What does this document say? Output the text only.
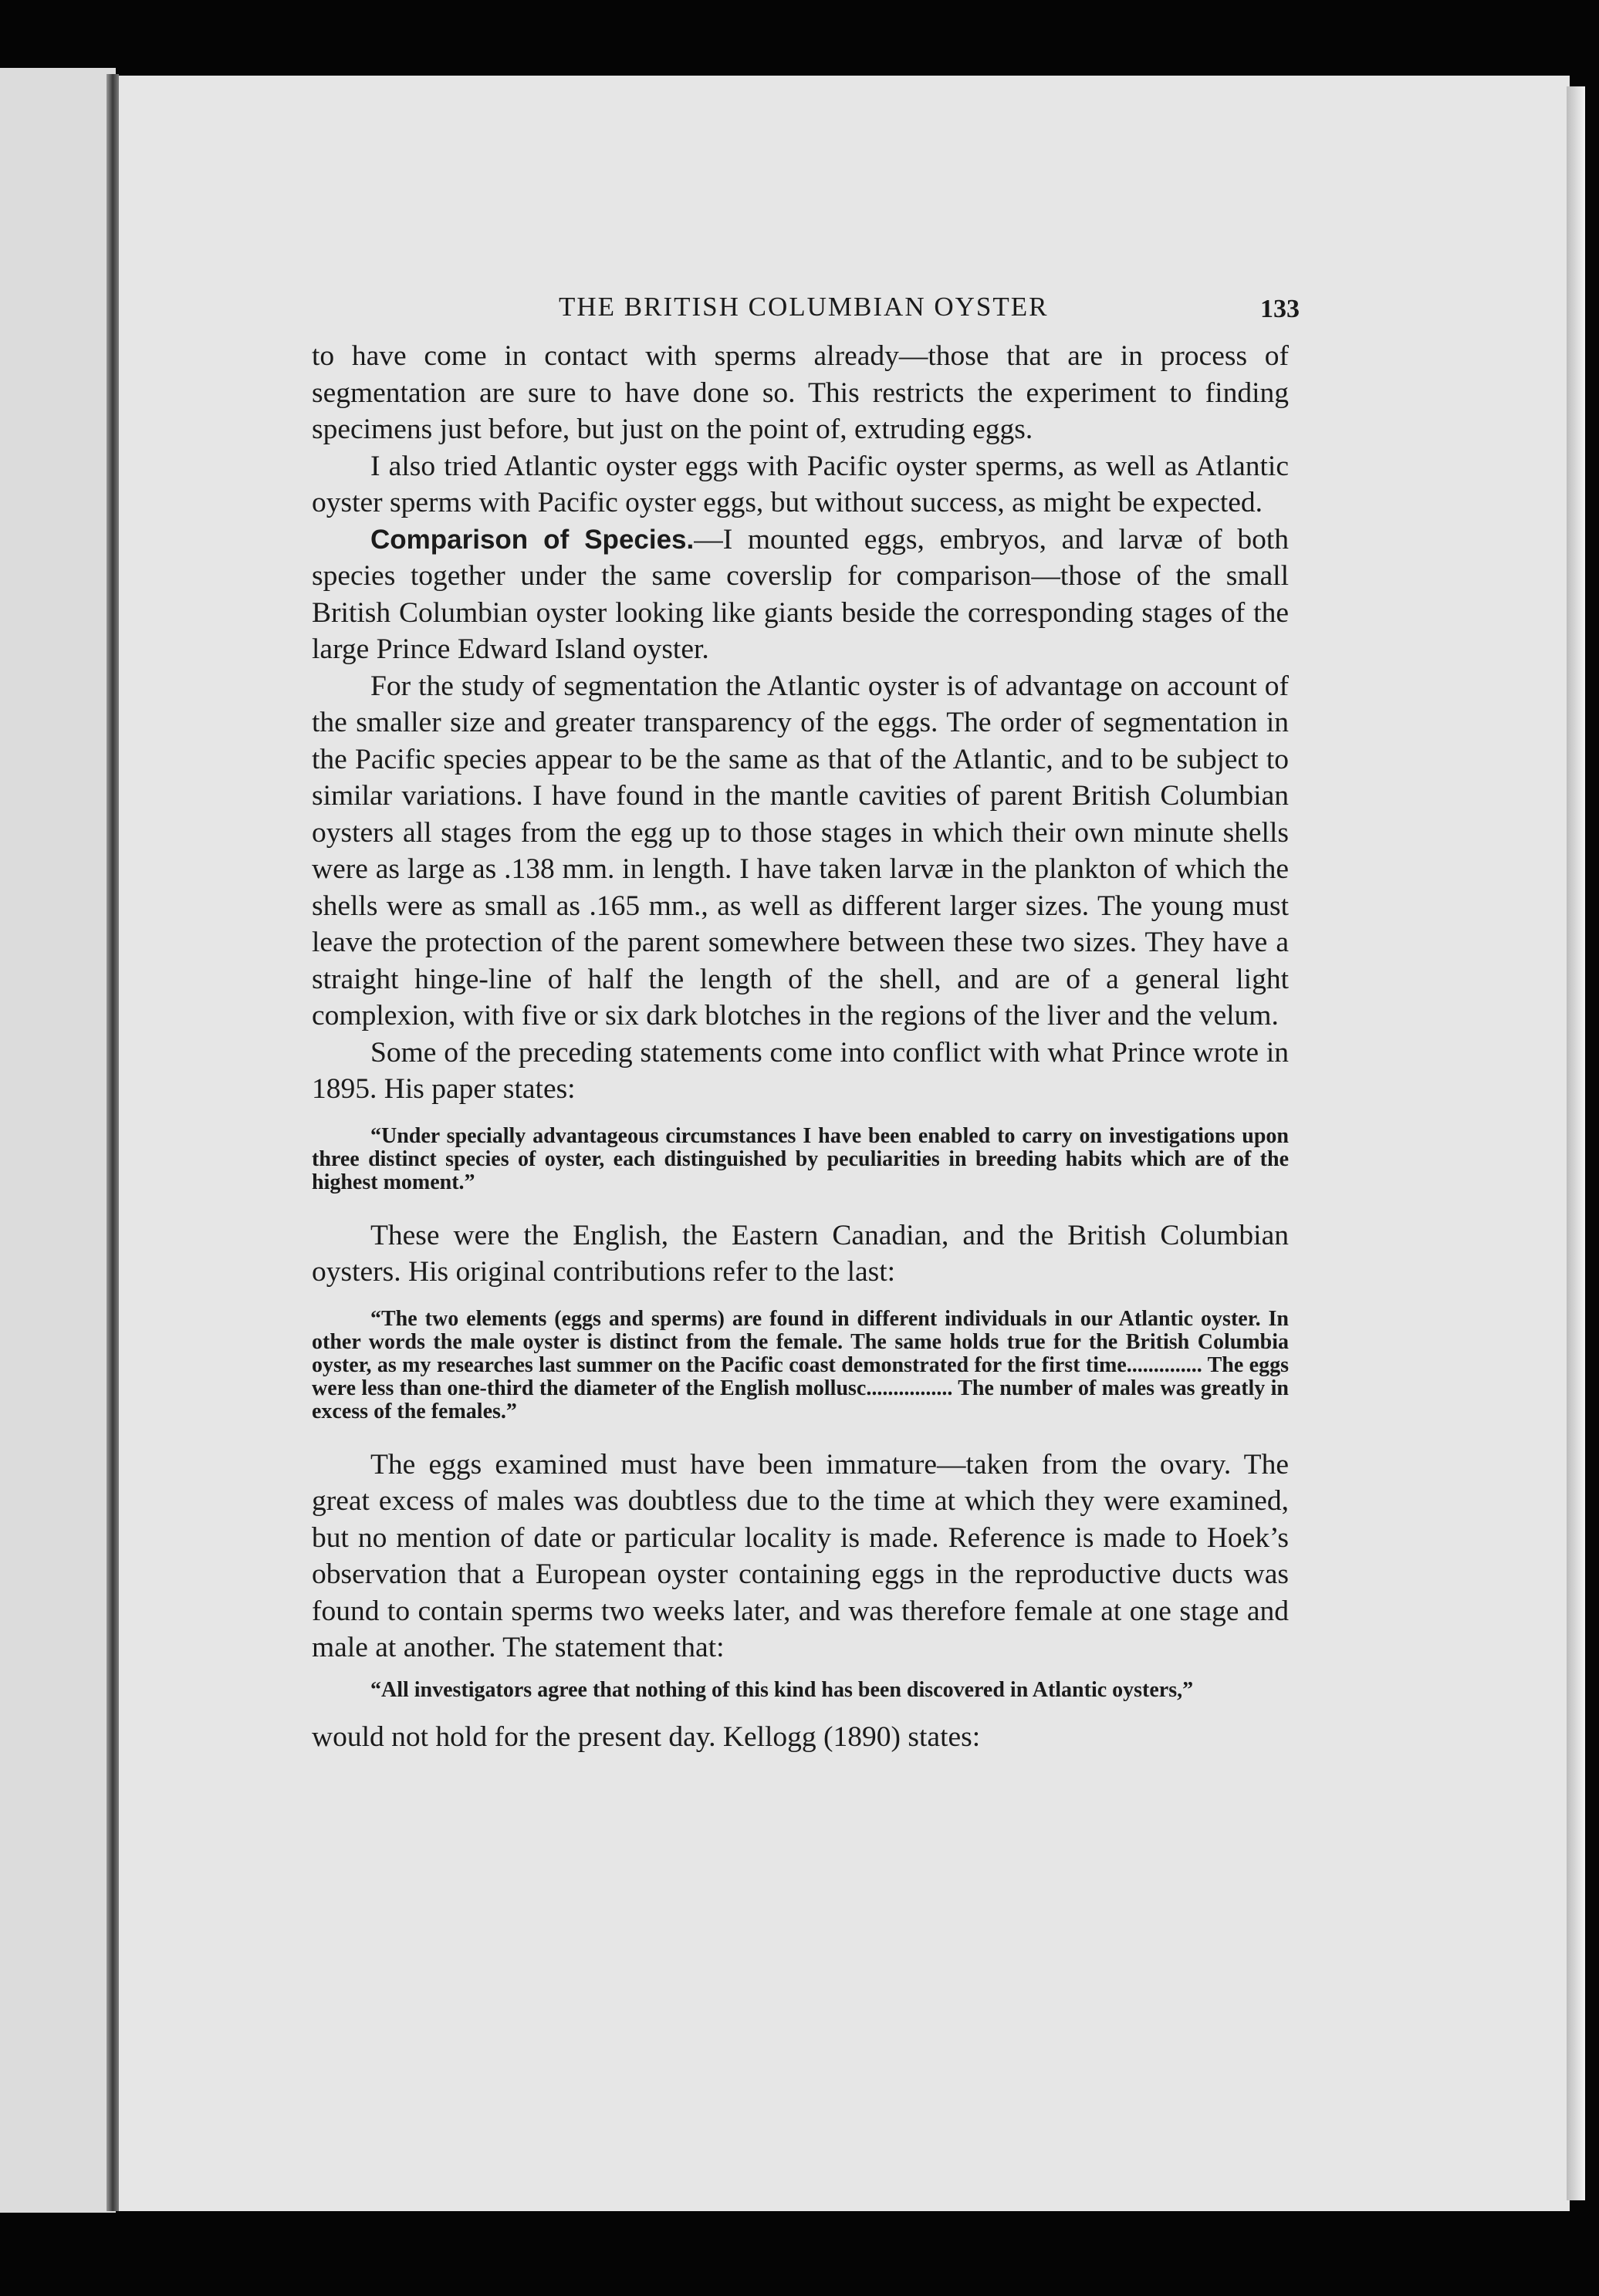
THE BRITISH COLUMBIAN OYSTER	133

to have come in contact with sperms already—those that are in process of segmentation are sure to have done so. This restricts the experiment to finding specimens just before, but just on the point of, extruding eggs.

I also tried Atlantic oyster eggs with Pacific oyster sperms, as well as Atlantic oyster sperms with Pacific oyster eggs, but without success, as might be expected.

Comparison of Species.—I mounted eggs, embryos, and larvæ of both species together under the same coverslip for comparison—those of the small British Columbian oyster looking like giants beside the corresponding stages of the large Prince Edward Island oyster.

For the study of segmentation the Atlantic oyster is of advantage on account of the smaller size and greater transparency of the eggs. The order of segmentation in the Pacific species appear to be the same as that of the Atlantic, and to be subject to similar variations. I have found in the mantle cavities of parent British Columbian oysters all stages from the egg up to those stages in which their own minute shells were as large as .138 mm. in length. I have taken larvæ in the plankton of which the shells were as small as .165 mm., as well as different larger sizes. The young must leave the protection of the parent somewhere between these two sizes. They have a straight hinge-line of half the length of the shell, and are of a general light complexion, with five or six dark blotches in the regions of the liver and the velum.

Some of the preceding statements come into conflict with what Prince wrote in 1895. His paper states:

“Under specially advantageous circumstances I have been enabled to carry on investigations upon three distinct species of oyster, each distinguished by peculiarities in breeding habits which are of the highest moment.”

These were the English, the Eastern Canadian, and the British Columbian oysters. His original contributions refer to the last:

“The two elements (eggs and sperms) are found in different individuals in our Atlantic oyster. In other words the male oyster is distinct from the female. The same holds true for the British Columbia oyster, as my researches last summer on the Pacific coast demonstrated for the first time.............. The eggs were less than one-third the diameter of the English mollusc................ The number of males was greatly in excess of the females.”

The eggs examined must have been immature—taken from the ovary. The great excess of males was doubtless due to the time at which they were examined, but no mention of date or particular locality is made. Reference is made to Hoek’s observation that a European oyster containing eggs in the reproductive ducts was found to contain sperms two weeks later, and was therefore female at one stage and male at another. The statement that:

“All investigators agree that nothing of this kind has been discovered in Atlantic oysters,”

would not hold for the present day. Kellogg (1890) states:
